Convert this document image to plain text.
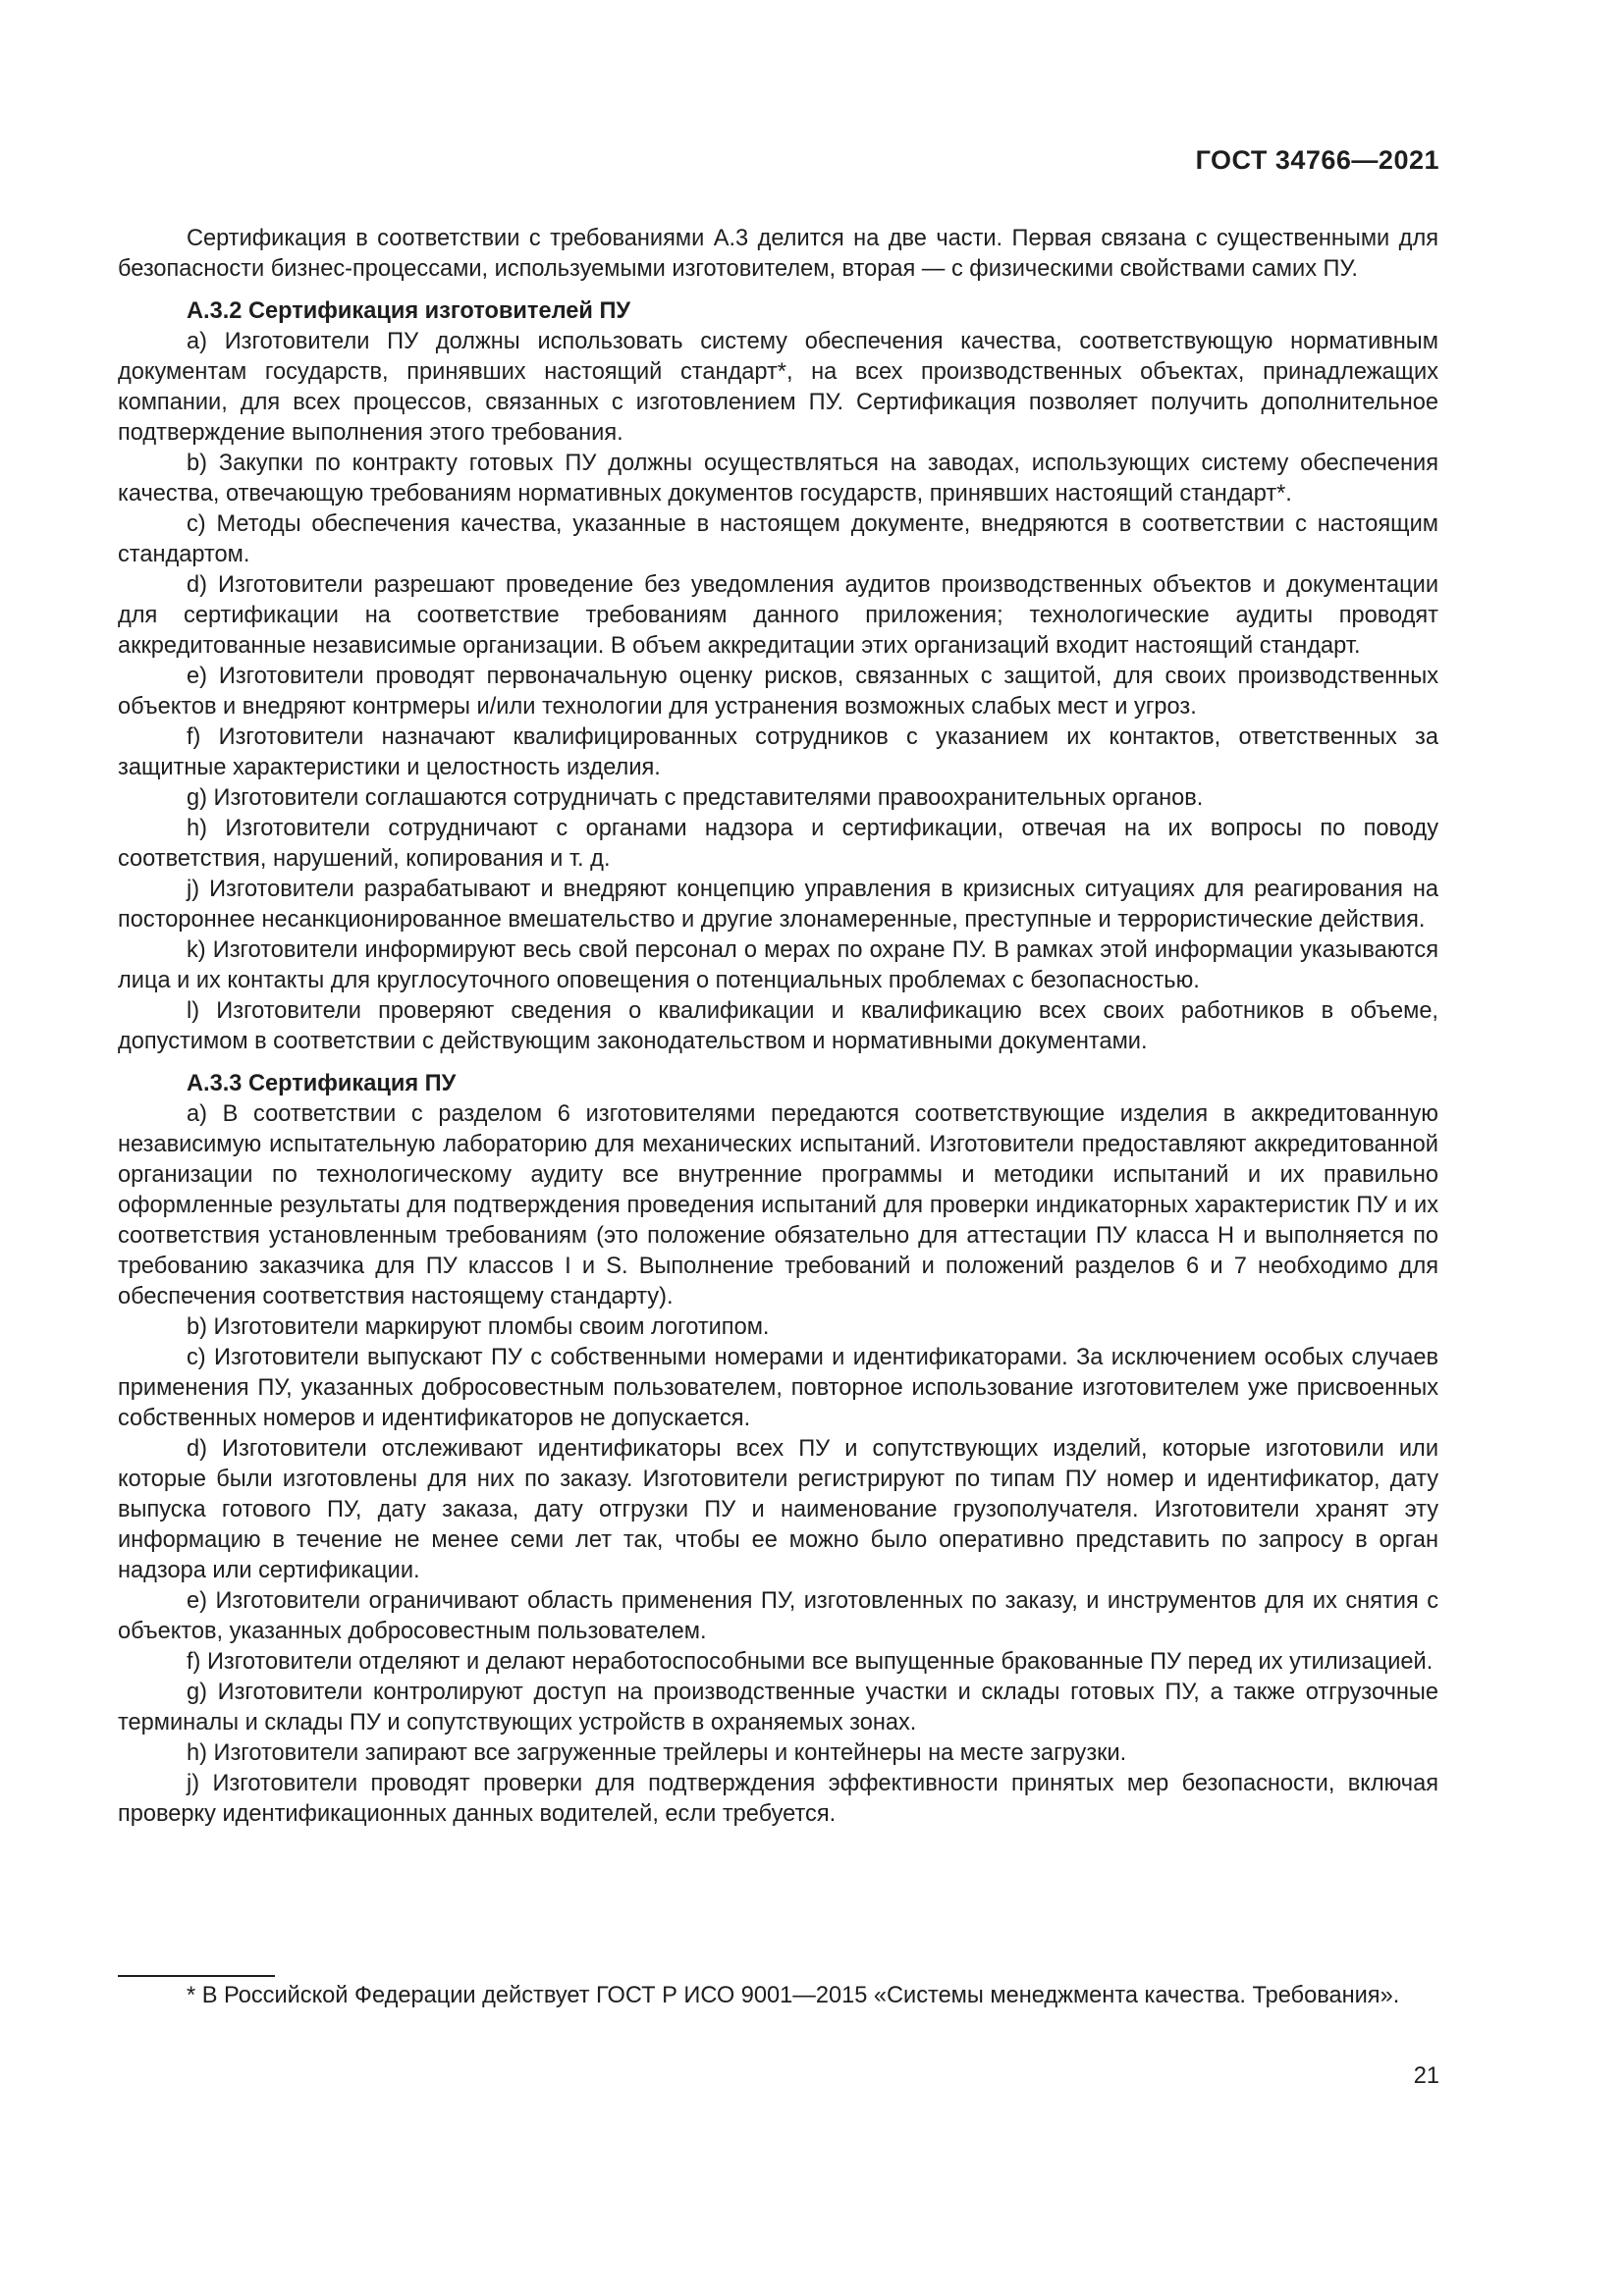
ГОСТ 34766—2021

Сертификация в соответствии с требованиями А.3 делится на две части. Первая связана с существенными для безопасности бизнес-процессами, используемыми изготовителем, вторая — с физическими свойствами самих ПУ.

А.3.2 Сертификация изготовителей ПУ

а) Изготовители ПУ должны использовать систему обеспечения качества, соответствующую нормативным документам государств, принявших настоящий стандарт*, на всех производственных объектах, принадлежащих компании, для всех процессов, связанных с изготовлением ПУ. Сертификация позволяет получить дополнительное подтверждение выполнения этого требования.

b) Закупки по контракту готовых ПУ должны осуществляться на заводах, использующих систему обеспечения качества, отвечающую требованиям нормативных документов государств, принявших настоящий стандарт*.

с) Методы обеспечения качества, указанные в настоящем документе, внедряются в соответствии с настоящим стандартом.

d) Изготовители разрешают проведение без уведомления аудитов производственных объектов и документации для сертификации на соответствие требованиям данного приложения; технологические аудиты проводят аккредитованные независимые организации. В объем аккредитации этих организаций входит настоящий стандарт.

е) Изготовители проводят первоначальную оценку рисков, связанных с защитой, для своих производственных объектов и внедряют контрмеры и/или технологии для устранения возможных слабых мест и угроз.

f) Изготовители назначают квалифицированных сотрудников с указанием их контактов, ответственных за защитные характеристики и целостность изделия.

g) Изготовители соглашаются сотрудничать с представителями правоохранительных органов.

h) Изготовители сотрудничают с органами надзора и сертификации, отвечая на их вопросы по поводу соответствия, нарушений, копирования и т. д.

j) Изготовители разрабатывают и внедряют концепцию управления в кризисных ситуациях для реагирования на постороннее несанкционированное вмешательство и другие злонамеренные, преступные и террористические действия.

k) Изготовители информируют весь свой персонал о мерах по охране ПУ. В рамках этой информации указываются лица и их контакты для круглосуточного оповещения о потенциальных проблемах с безопасностью.

l) Изготовители проверяют сведения о квалификации и квалификацию всех своих работников в объеме, допустимом в соответствии с действующим законодательством и нормативными документами.

А.3.3 Сертификация ПУ

а) В соответствии с разделом 6 изготовителями передаются соответствующие изделия в аккредитованную независимую испытательную лабораторию для механических испытаний. Изготовители предоставляют аккредитованной организации по технологическому аудиту все внутренние программы и методики испытаний и их правильно оформленные результаты для подтверждения проведения испытаний для проверки индикаторных характеристик ПУ и их соответствия установленным требованиям (это положение обязательно для аттестации ПУ класса H и выполняется по требованию заказчика для ПУ классов I и S. Выполнение требований и положений разделов 6 и 7 необходимо для обеспечения соответствия настоящему стандарту).

b) Изготовители маркируют пломбы своим логотипом.

c) Изготовители выпускают ПУ с собственными номерами и идентификаторами. За исключением особых случаев применения ПУ, указанных добросовестным пользователем, повторное использование изготовителем уже присвоенных собственных номеров и идентификаторов не допускается.

d) Изготовители отслеживают идентификаторы всех ПУ и сопутствующих изделий, которые изготовили или которые были изготовлены для них по заказу. Изготовители регистрируют по типам ПУ номер и идентификатор, дату выпуска готового ПУ, дату заказа, дату отгрузки ПУ и наименование грузополучателя. Изготовители хранят эту информацию в течение не менее семи лет так, чтобы ее можно было оперативно представить по запросу в орган надзора или сертификации.

e) Изготовители ограничивают область применения ПУ, изготовленных по заказу, и инструментов для их снятия с объектов, указанных добросовестным пользователем.

f) Изготовители отделяют и делают неработоспособными все выпущенные бракованные ПУ перед их утилизацией.

g) Изготовители контролируют доступ на производственные участки и склады готовых ПУ, а также отгрузочные терминалы и склады ПУ и сопутствующих устройств в охраняемых зонах.

h) Изготовители запирают все загруженные трейлеры и контейнеры на месте загрузки.

j) Изготовители проводят проверки для подтверждения эффективности принятых мер безопасности, включая проверку идентификационных данных водителей, если требуется.

* В Российской Федерации действует ГОСТ Р ИСО 9001—2015 «Системы менеджмента качества. Требования».

21
